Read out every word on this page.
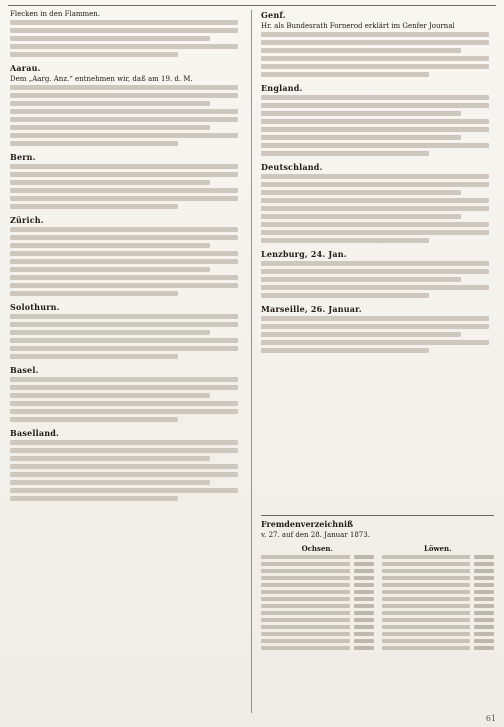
Flecken in den Flammen.
Aarau.
Dem „Aarg. Anz.“ entnehmen wir, daß am 19. d. M.
Bern.
Zürich.
Solothurn.
Basel.
Baselland.
Genf.
Hr. als Bundesrath Fornerod erklärt im Genfer Journal
England.
Deutschland.
Lenzburg, 24. Jan.
Marseille, 26. Januar.
Fremdenverzeichniß
v. 27. auf den 28. Januar 1873.
Ochsen.	Löwen.
61
